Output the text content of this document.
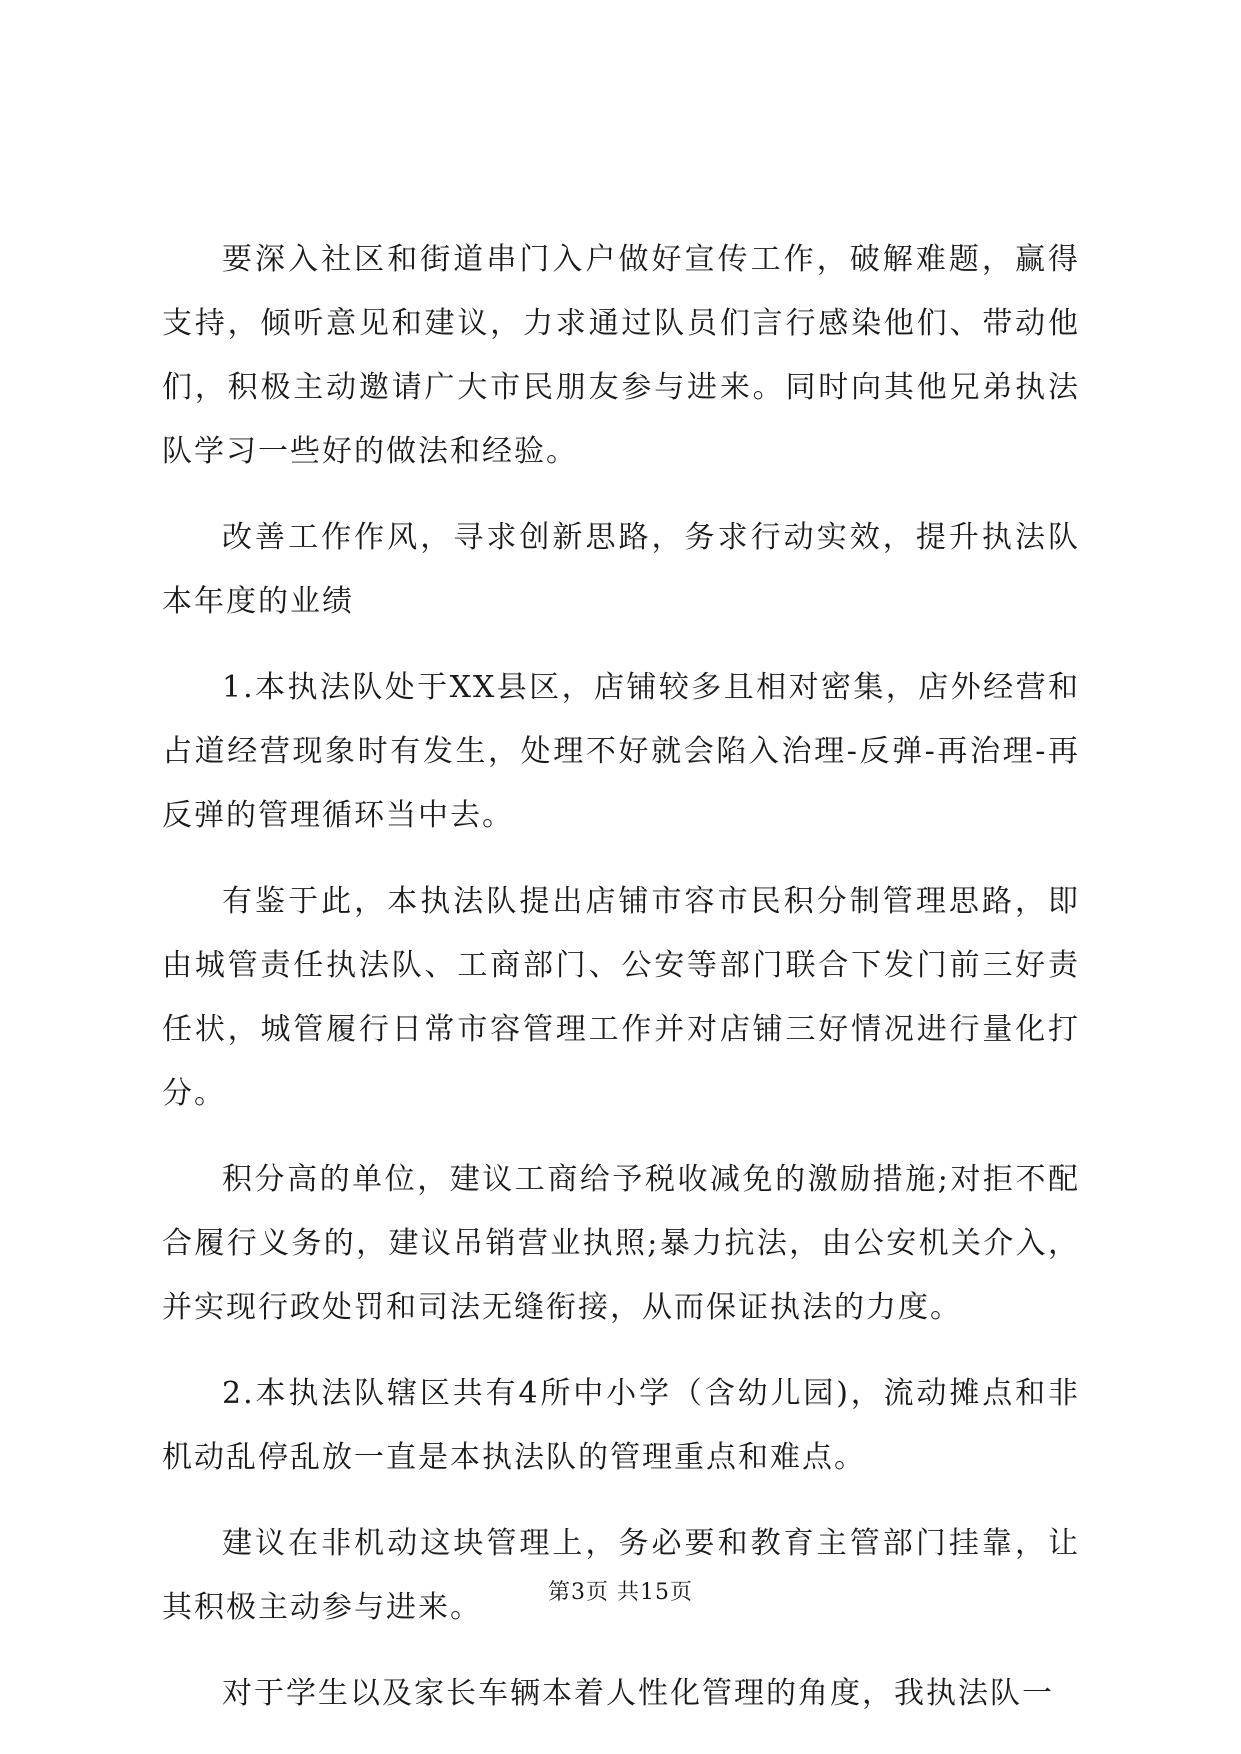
要深入社区和街道串门入户做好宣传工作，破解难题，赢得支持，倾听意见和建议，力求通过队员们言行感染他们、带动他们，积极主动邀请广大市民朋友参与进来。同时向其他兄弟执法队学习一些好的做法和经验。

改善工作作风，寻求创新思路，务求行动实效，提升执法队本年度的业绩

1.本执法队处于XX县区，店铺较多且相对密集，店外经营和占道经营现象时有发生，处理不好就会陷入治理-反弹-再治理-再反弹的管理循环当中去。

有鉴于此，本执法队提出店铺市容市民积分制管理思路，即由城管责任执法队、工商部门、公安等部门联合下发门前三好责任状，城管履行日常市容管理工作并对店铺三好情况进行量化打分。

积分高的单位，建议工商给予税收减免的激励措施;对拒不配合履行义务的，建议吊销营业执照;暴力抗法，由公安机关介入，并实现行政处罚和司法无缝衔接，从而保证执法的力度。

2.本执法队辖区共有4所中小学（含幼儿园)，流动摊点和非机动乱停乱放一直是本执法队的管理重点和难点。

建议在非机动这块管理上，务必要和教育主管部门挂靠，让其积极主动参与进来。

对于学生以及家长车辆本着人性化管理的角度，我执法队一

第3页 共15页
